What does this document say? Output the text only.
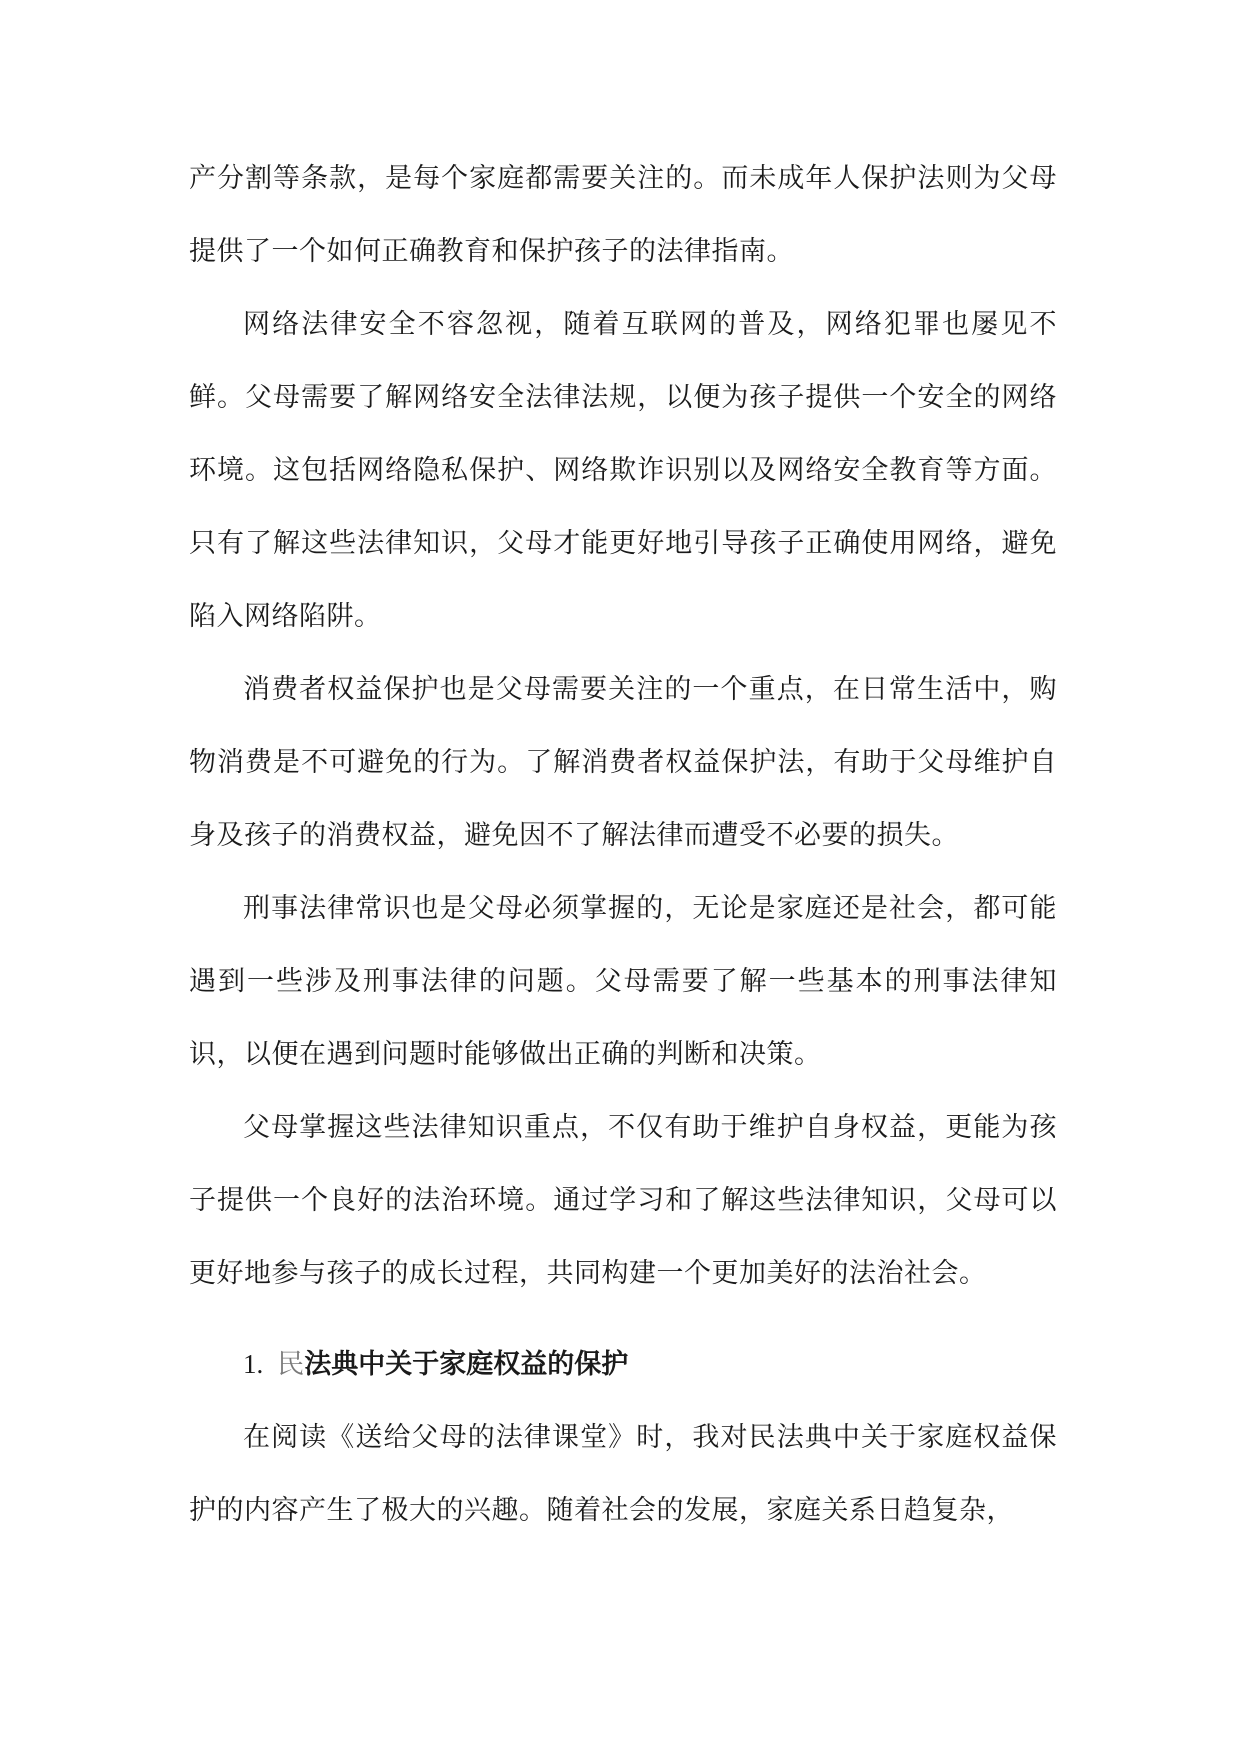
产分割等条款，是每个家庭都需要关注的。而未成年人保护法则为父母提供了一个如何正确教育和保护孩子的法律指南。

网络法律安全不容忽视，随着互联网的普及，网络犯罪也屡见不鲜。父母需要了解网络安全法律法规，以便为孩子提供一个安全的网络环境。这包括网络隐私保护、网络欺诈识别以及网络安全教育等方面。只有了解这些法律知识，父母才能更好地引导孩子正确使用网络，避免陷入网络陷阱。

消费者权益保护也是父母需要关注的一个重点，在日常生活中，购物消费是不可避免的行为。了解消费者权益保护法，有助于父母维护自身及孩子的消费权益，避免因不了解法律而遭受不必要的损失。

刑事法律常识也是父母必须掌握的，无论是家庭还是社会，都可能遇到一些涉及刑事法律的问题。父母需要了解一些基本的刑事法律知识，以便在遇到问题时能够做出正确的判断和决策。

父母掌握这些法律知识重点，不仅有助于维护自身权益，更能为孩子提供一个良好的法治环境。通过学习和了解这些法律知识，父母可以更好地参与孩子的成长过程，共同构建一个更加美好的法治社会。

1. 民法典中关于家庭权益的保护

在阅读《送给父母的法律课堂》时，我对民法典中关于家庭权益保护的内容产生了极大的兴趣。随着社会的发展，家庭关系日趋复杂，
